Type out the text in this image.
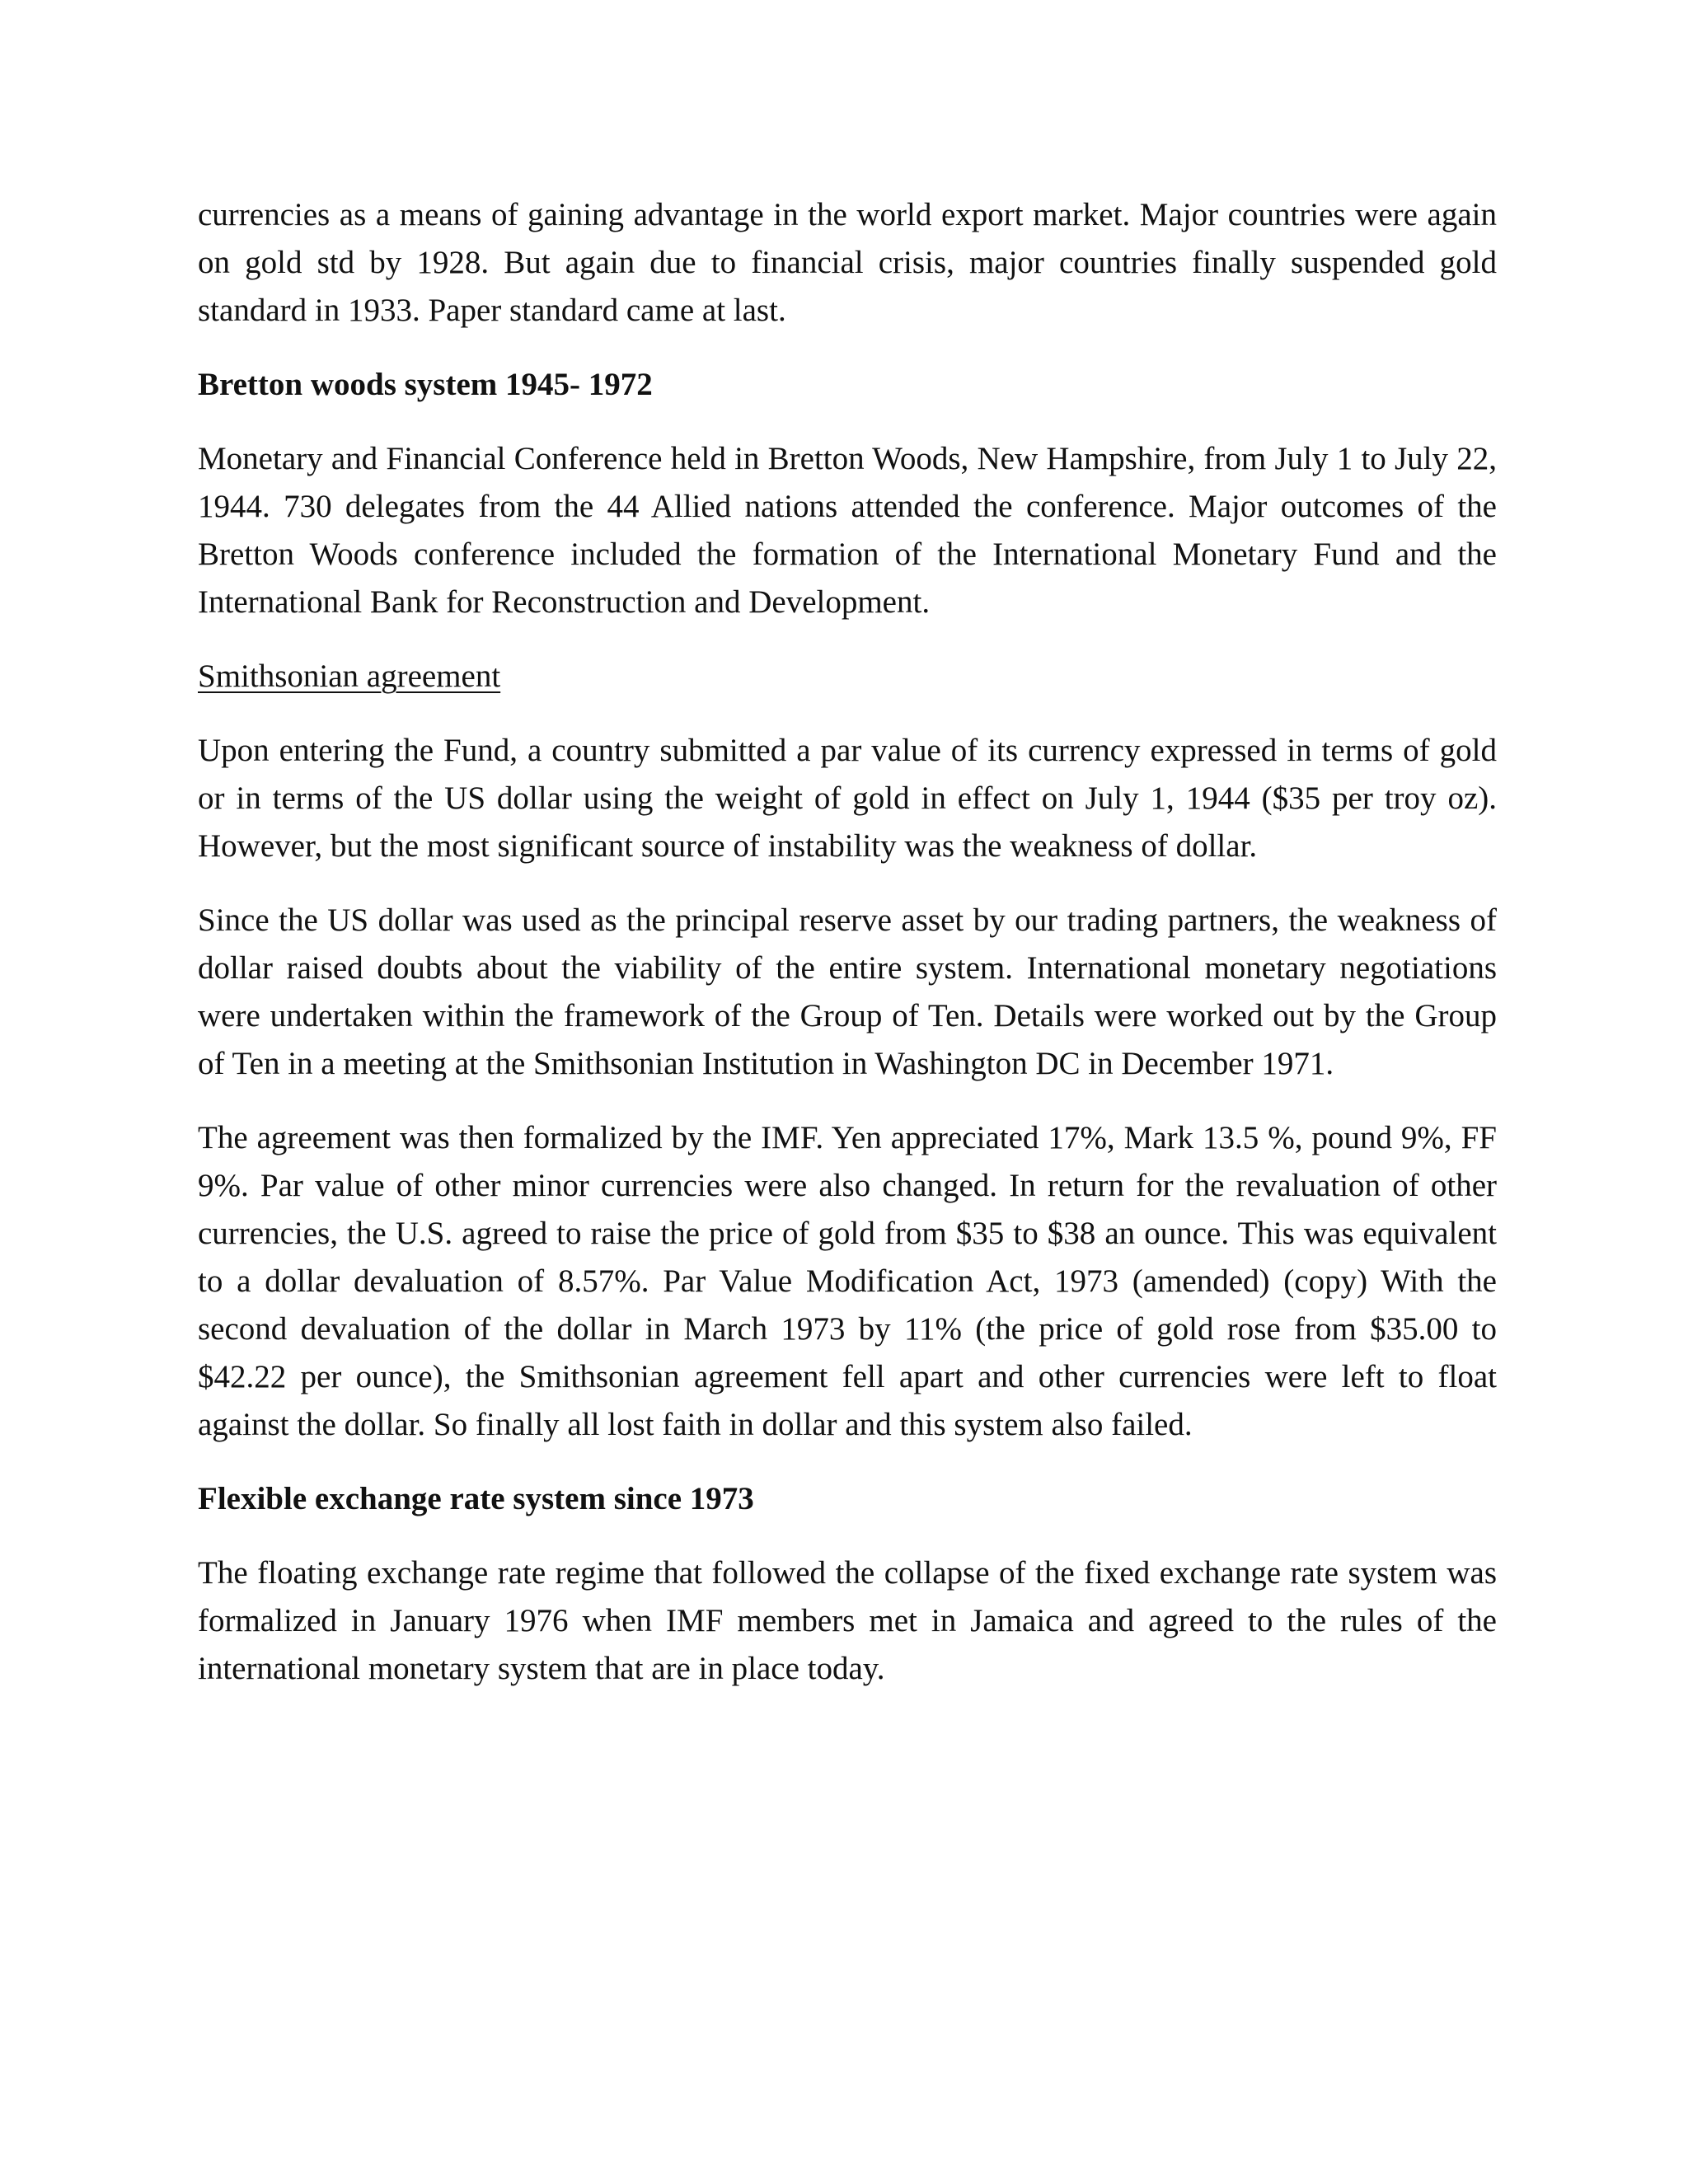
currencies as a means of gaining advantage in the world export market. Major countries were again on gold std by 1928. But again due to financial crisis, major countries finally suspended gold standard in 1933. Paper standard came at last.

Bretton woods system 1945- 1972

Monetary and Financial Conference held in Bretton Woods, New Hampshire, from July 1 to July 22, 1944. 730 delegates from the 44 Allied nations attended the conference. Major outcomes of the Bretton Woods conference included the formation of the International Monetary Fund and the International Bank for Reconstruction and Development.

Smithsonian agreement

Upon entering the Fund, a country submitted a par value of its currency expressed in terms of gold or in terms of the US dollar using the weight of gold in effect on July 1, 1944 ($35 per troy oz). However, but the most significant source of instability was the weakness of dollar.

Since the US dollar was used as the principal reserve asset by our trading partners, the weakness of dollar raised doubts about the viability of the entire system. International monetary negotiations were undertaken within the framework of the Group of Ten. Details were worked out by the Group of Ten in a meeting at the Smithsonian Institution in Washington DC in December 1971.

The agreement was then formalized by the IMF. Yen appreciated 17%, Mark 13.5 %, pound 9%, FF 9%. Par value of other minor currencies were also changed. In return for the revaluation of other currencies, the U.S. agreed to raise the price of gold from $35 to $38 an ounce. This was equivalent to a dollar devaluation of 8.57%. Par Value Modification Act, 1973 (amended) (copy) With the second devaluation of the dollar in March 1973 by 11% (the price of gold rose from $35.00 to $42.22 per ounce), the Smithsonian agreement fell apart and other currencies were left to float against the dollar. So finally all lost faith in dollar and this system also failed.

Flexible exchange rate system since 1973

The floating exchange rate regime that followed the collapse of the fixed exchange rate system was formalized in January 1976 when IMF members met in Jamaica and agreed to the rules of the international monetary system that are in place today.
